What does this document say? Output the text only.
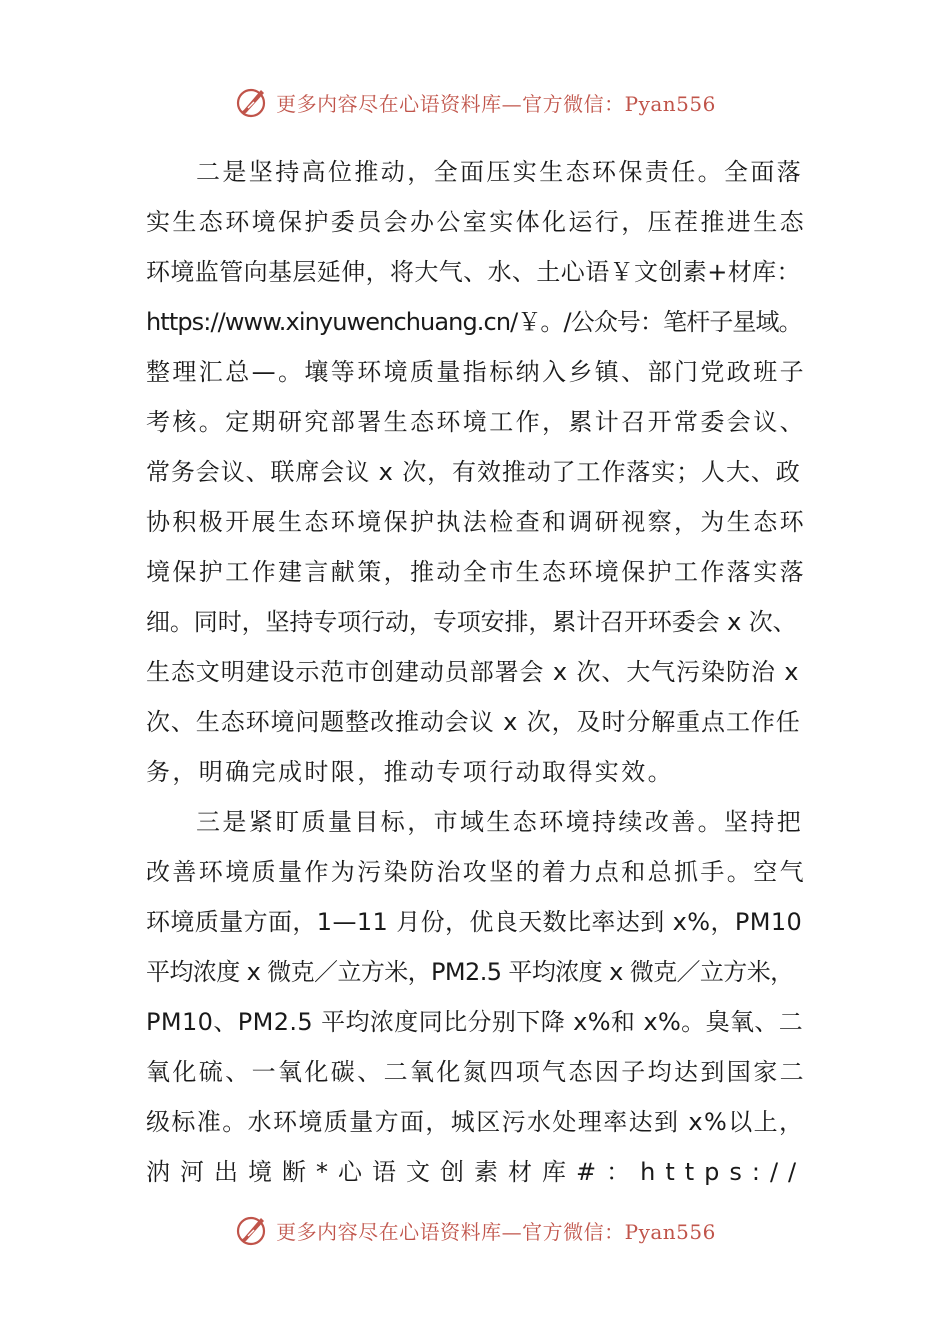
更多内容尽在心语资料库—官方微信：Pyan556
二是坚持高位推动，全面压实生态环保责任。全面落
实生态环境保护委员会办公室实体化运行，压茬推进生态
环境监管向基层延伸，将大气、水、土心语￥文创素+材库：
https://www.xinyuwenchuang.cn/￥。/公众号：笔杆子星域。
整理汇总—。壤等环境质量指标纳入乡镇、部门党政班子
考核。定期研究部署生态环境工作，累计召开常委会议、
常务会议、联席会议 x 次，有效推动了工作落实；人大、政
协积极开展生态环境保护执法检查和调研视察，为生态环
境保护工作建言献策，推动全市生态环境保护工作落实落
细。同时，坚持专项行动，专项安排，累计召开环委会 x 次、
生态文明建设示范市创建动员部署会 x 次、大气污染防治 x
次、生态环境问题整改推动会议 x 次，及时分解重点工作任
务，明确完成时限，推动专项行动取得实效。
三是紧盯质量目标，市域生态环境持续改善。坚持把
改善环境质量作为污染防治攻坚的着力点和总抓手。空气
环境质量方面，1—11 月份，优良天数比率达到 x%，PM10
平均浓度 x 微克／立方米，PM2.5 平均浓度 x 微克／立方米，
PM10、PM2.5 平均浓度同比分别下降 x%和 x%。臭氧、二
氧化硫、一氧化碳、二氧化氮四项气态因子均达到国家二
级标准。水环境质量方面，城区污水处理率达到 x%以上，
汭河出境断*心语文创素材库#：https://
更多内容尽在心语资料库—官方微信：Pyan556
